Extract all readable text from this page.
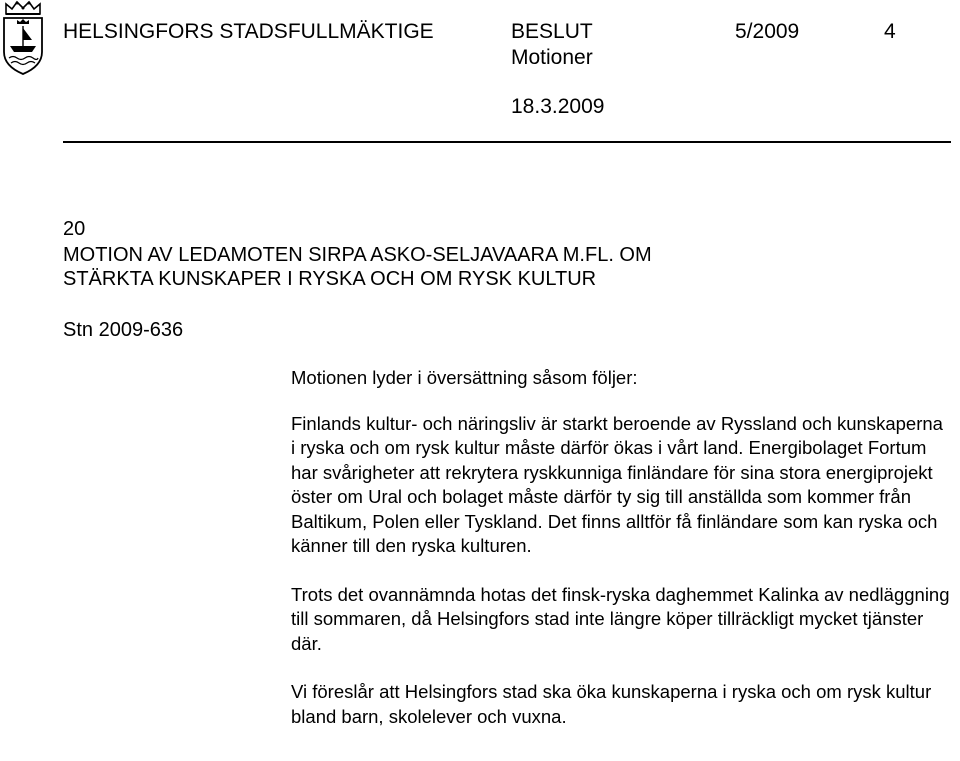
HELSINGFORS STADSFULLMÄKTIGE	BESLUT	5/2009	4
Motioner
18.3.2009
20
MOTION AV LEDAMOTEN SIRPA ASKO-SELJAVAARA M.FL. OM
STÄRKTA KUNSKAPER I RYSKA OCH OM RYSK KULTUR
Stn 2009-636

Motionen lyder i översättning såsom följer:

Finlands kultur- och näringsliv är starkt beroende av Ryssland och kunskaperna i ryska och om rysk kultur måste därför ökas i vårt land. Energibolaget Fortum har svårigheter att rekrytera ryskkunniga finländare för sina stora energiprojekt öster om Ural och bolaget måste därför ty sig till anställda som kommer från Baltikum, Polen eller Tyskland. Det finns alltför få finländare som kan ryska och känner till den ryska kulturen.

Trots det ovannämnda hotas det finsk-ryska daghemmet Kalinka av nedläggning till sommaren, då Helsingfors stad inte längre köper tillräckligt mycket tjänster där.

Vi föreslår att Helsingfors stad ska öka kunskaperna i ryska och om rysk kultur bland barn, skolelever och vuxna.
